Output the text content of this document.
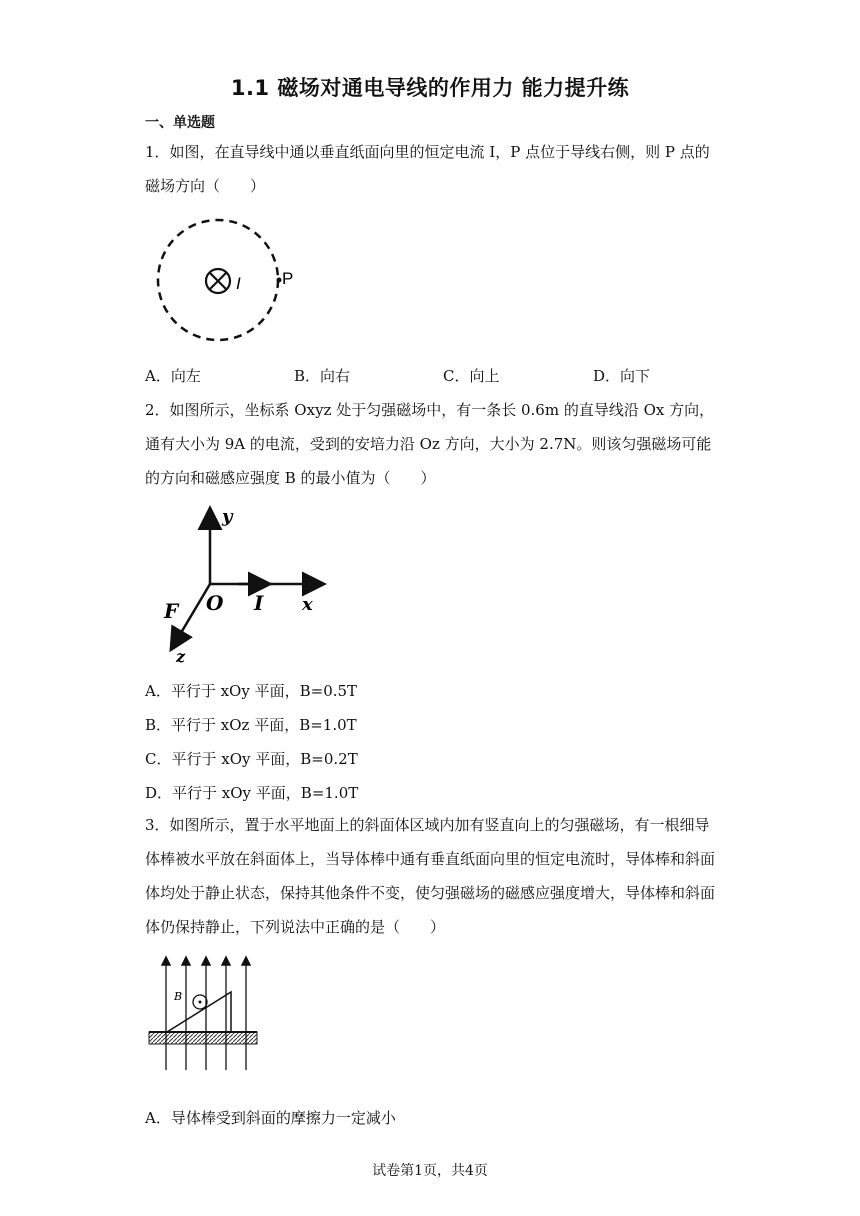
1.1 磁场对通电导线的作用力 能力提升练
一、单选题
1．如图，在直导线中通以垂直纸面向里的恒定电流 I，P 点位于导线右侧，则 P 点的磁场方向（　　）
I P
A．向左	B．向右	C．向上	D．向下
2．如图所示，坐标系 Oxyz 处于匀强磁场中，有一条长 0.6m 的直导线沿 Ox 方向，通有大小为 9A 的电流，受到的安培力沿 Oz 方向，大小为 2.7N。则该匀强磁场可能的方向和磁感应强度 B 的最小值为（　　）
y
x
z
O I
F
A．平行于 xOy 平面，B=0.5T
B．平行于 xOz 平面，B=1.0T
C．平行于 xOy 平面，B=0.2T
D．平行于 xOy 平面，B=1.0T
3．如图所示，置于水平地面上的斜面体区域内加有竖直向上的匀强磁场，有一根细导体棒被水平放在斜面体上，当导体棒中通有垂直纸面向里的恒定电流时，导体棒和斜面体均处于静止状态，保持其他条件不变，使匀强磁场的磁感应强度增大，导体棒和斜面体仍保持静止，下列说法中正确的是（　　）
B
A．导体棒受到斜面的摩擦力一定减小
试卷第1页，共4页
